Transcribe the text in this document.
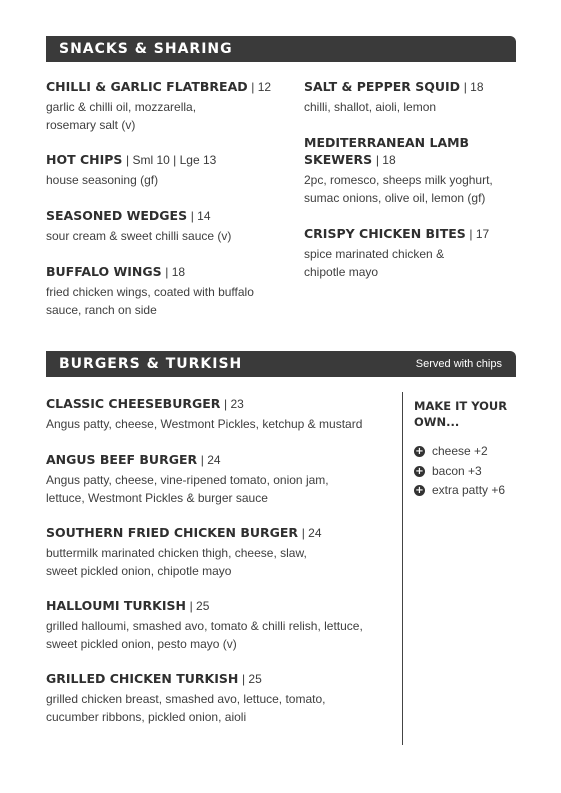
SNACKS & SHARING
CHILLI & GARLIC FLATBREAD | 12
garlic & chilli oil, mozzarella,
rosemary salt (v)
HOT CHIPS | Sml 10 | Lge 13
house seasoning (gf)
SEASONED WEDGES | 14
sour cream & sweet chilli sauce (v)
BUFFALO WINGS | 18
fried chicken wings, coated with buffalo
sauce, ranch on side
SALT & PEPPER SQUID | 18
chilli, shallot, aioli, lemon
MEDITERRANEAN LAMB
SKEWERS | 18
2pc, romesco, sheeps milk yoghurt,
sumac onions, olive oil, lemon (gf)
CRISPY CHICKEN BITES | 17
spice marinated chicken &
chipotle mayo
BURGERS & TURKISH	Served with chips
CLASSIC CHEESEBURGER | 23
Angus patty, cheese, Westmont Pickles, ketchup & mustard
ANGUS BEEF BURGER | 24
Angus patty, cheese, vine-ripened tomato, onion jam,
lettuce, Westmont Pickles & burger sauce
SOUTHERN FRIED CHICKEN BURGER | 24
buttermilk marinated chicken thigh, cheese, slaw,
sweet pickled onion, chipotle mayo
HALLOUMI TURKISH | 25
grilled halloumi, smashed avo, tomato & chilli relish, lettuce,
sweet pickled onion, pesto mayo (v)
GRILLED CHICKEN TURKISH | 25
grilled chicken breast, smashed avo, lettuce, tomato,
cucumber ribbons, pickled onion, aioli
MAKE IT YOUR
OWN...
+ cheese +2
+ bacon +3
+ extra patty +6
